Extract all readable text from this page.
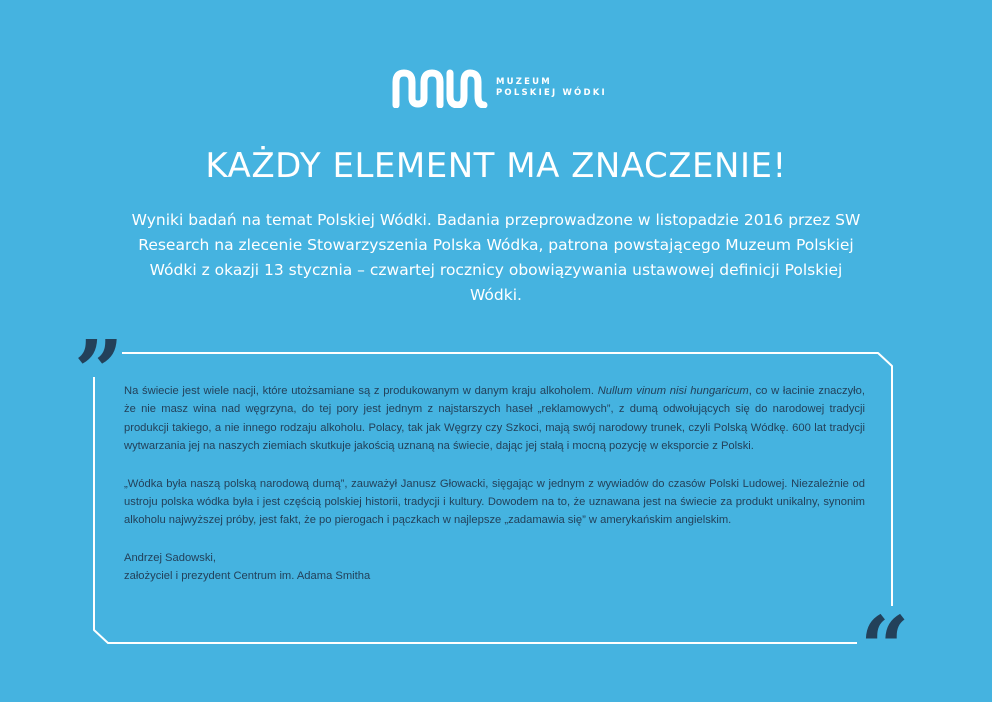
MUZEUM
POLSKIEJ WÓDKI
KAŻDY ELEMENT MA ZNACZENIE!

Wyniki badań na temat Polskiej Wódki. Badania przeprowadzone w listopadzie 2016 przez SW Research na zlecenie Stowarzyszenia Polska Wódka, patrona powstającego Muzeum Polskiej Wódki z okazji 13 stycznia – czwartej rocznicy obowiązywania ustawowej definicji Polskiej Wódki.

”
“

Na świecie jest wiele nacji, które utożsamiane są z produkowanym w danym kraju alkoholem. Nullum vinum nisi hungaricum, co w łacinie znaczyło, że nie masz wina nad węgrzyna, do tej pory jest jednym z najstarszych haseł „reklamowych”, z dumą odwołujących się do narodowej tradycji produkcji takiego, a nie innego rodzaju alkoholu. Polacy, tak jak Węgrzy czy Szkoci, mają swój narodowy trunek, czyli Polską Wódkę. 600 lat tradycji wytwarzania jej na naszych ziemiach skutkuje jakością uznaną na świecie, dając jej stałą i mocną pozycję w eksporcie z Polski.

„Wódka była naszą polską narodową dumą”, zauważył Janusz Głowacki, sięgając w jednym z wywiadów do czasów Polski Ludowej. Niezależnie od ustroju polska wódka była i jest częścią polskiej historii, tradycji i kultury. Dowodem na to, że uznawana jest na świecie za produkt unikalny, synonim alkoholu najwyższej próby, jest fakt, że po pierogach i pączkach w najlepsze „zadamawia się” w amerykańskim angielskim.

Andrzej Sadowski,

założyciel i prezydent Centrum im. Adama Smitha
